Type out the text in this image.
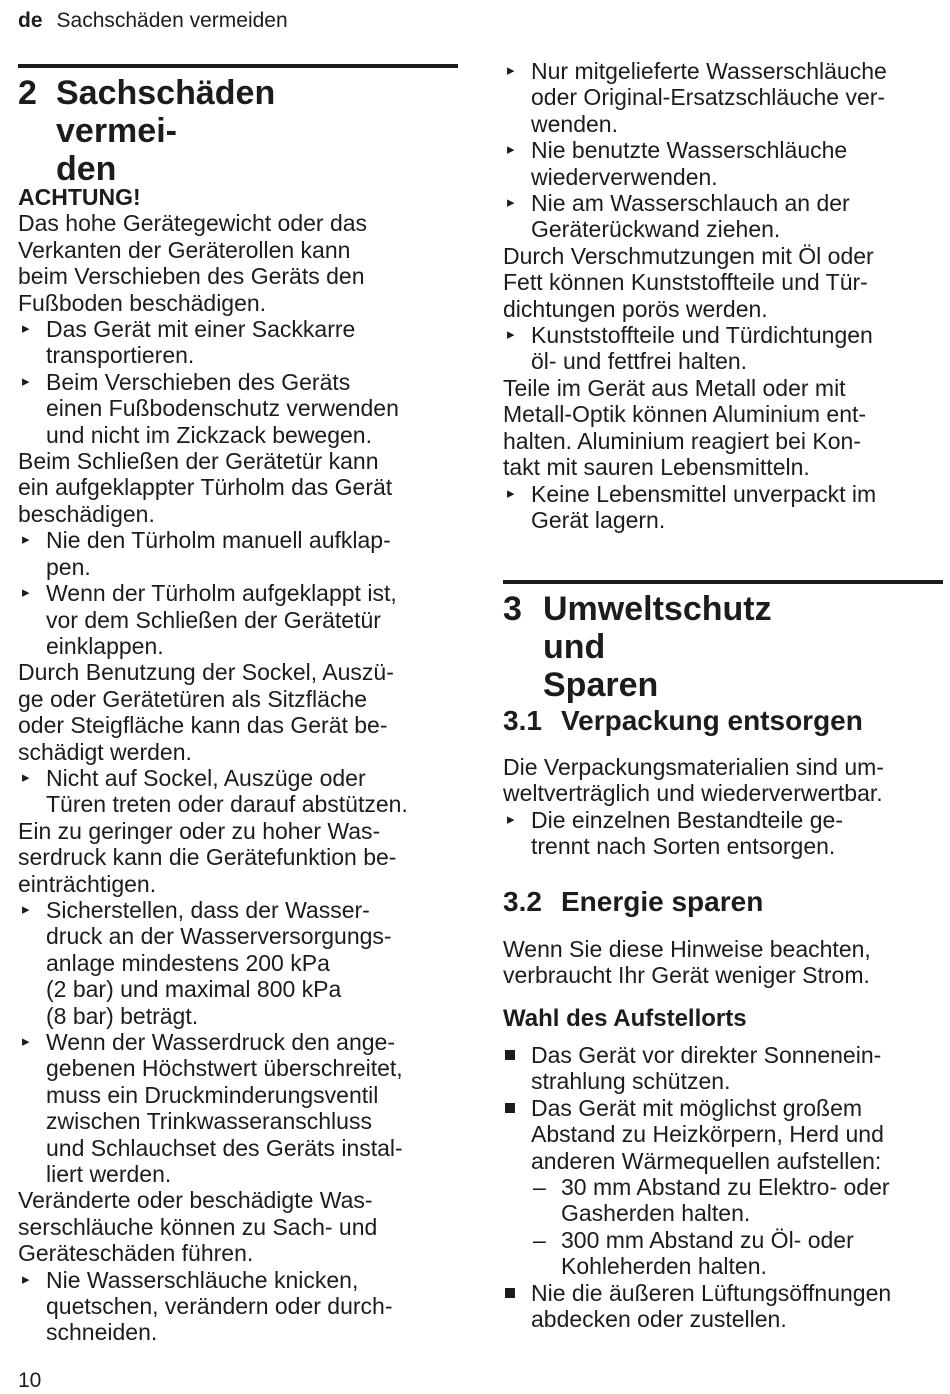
de Sachschäden vermeiden
2 Sachschäden vermei-
den
ACHTUNG!
Das hohe Gerätegewicht oder das
Verkanten der Geräterollen kann
beim Verschieben des Geräts den
Fußboden beschädigen.
▸ Das Gerät mit einer Sackkarre
transportieren.
▸ Beim Verschieben des Geräts
einen Fußbodenschutz verwenden
und nicht im Zickzack bewegen.
Beim Schließen der Gerätetür kann
ein aufgeklappter Türholm das Gerät
beschädigen.
▸ Nie den Türholm manuell aufklap-
pen.
▸ Wenn der Türholm aufgeklappt ist,
vor dem Schließen der Gerätetür
einklappen.
Durch Benutzung der Sockel, Auszü-
ge oder Gerätetüren als Sitzfläche
oder Steigfläche kann das Gerät be-
schädigt werden.
▸ Nicht auf Sockel, Auszüge oder
Türen treten oder darauf abstützen.
Ein zu geringer oder zu hoher Was-
serdruck kann die Gerätefunktion be-
einträchtigen.
▸ Sicherstellen, dass der Wasser-
druck an der Wasserversorgungs-
anlage mindestens 200 kPa
(2 bar) und maximal 800 kPa
(8 bar) beträgt.
▸ Wenn der Wasserdruck den ange-
gebenen Höchstwert überschreitet,
muss ein Druckminderungsventil
zwischen Trinkwasseranschluss
und Schlauchset des Geräts instal-
liert werden.
Veränderte oder beschädigte Was-
serschläuche können zu Sach- und
Geräteschäden führen.
▸ Nie Wasserschläuche knicken,
quetschen, verändern oder durch-
schneiden.
▸ Nur mitgelieferte Wasserschläuche
oder Original-Ersatzschläuche ver-
wenden.
▸ Nie benutzte Wasserschläuche
wiederverwenden.
▸ Nie am Wasserschlauch an der
Geräterückwand ziehen.
Durch Verschmutzungen mit Öl oder
Fett können Kunststoffteile und Tür-
dichtungen porös werden.
▸ Kunststoffteile und Türdichtungen
öl- und fettfrei halten.
Teile im Gerät aus Metall oder mit
Metall-Optik können Aluminium ent-
halten. Aluminium reagiert bei Kon-
takt mit sauren Lebensmitteln.
▸ Keine Lebensmittel unverpackt im
Gerät lagern.
3 Umweltschutz und
Sparen
3.1 Verpackung entsorgen
Die Verpackungsmaterialien sind um-
weltverträglich und wiederverwertbar.
▸ Die einzelnen Bestandteile ge-
trennt nach Sorten entsorgen.
3.2 Energie sparen
Wenn Sie diese Hinweise beachten,
verbraucht Ihr Gerät weniger Strom.
Wahl des Aufstellorts
Das Gerät vor direkter Sonnenein-
strahlung schützen.
Das Gerät mit möglichst großem
Abstand zu Heizkörpern, Herd und
anderen Wärmequellen aufstellen:
– 30 mm Abstand zu Elektro- oder
Gasherden halten.
– 300 mm Abstand zu Öl- oder
Kohleherden halten.
Nie die äußeren Lüftungsöffnungen
abdecken oder zustellen.
10
